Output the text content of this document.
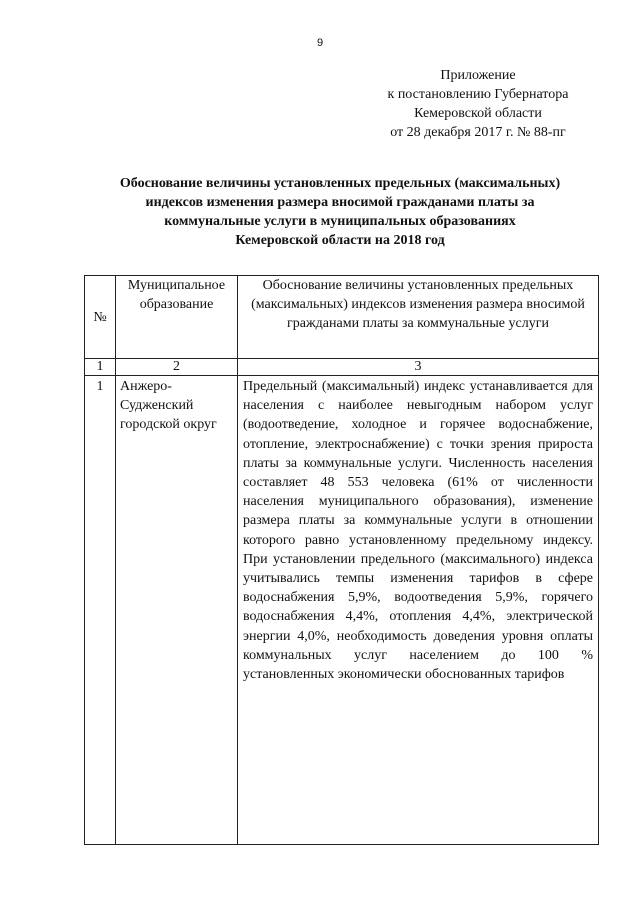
9
Приложение
к постановлению Губернатора
Кемеровской области
от 28 декабря 2017 г. № 88-пг
Обоснование величины установленных предельных (максимальных)
индексов изменения размера вносимой гражданами платы за
коммунальные услуги в муниципальных образованиях
Кемеровской области на 2018 год
№	Муниципальное образование	Обоснование величины установленных предельных (максимальных) индексов изменения размера вносимой гражданами платы за коммунальные услуги
1	2	3
1	Анжеро-Судженский городской округ	Предельный (максимальный) индекс устанавливается для населения с наиболее невыгодным набором услуг (водоотведение, холодное и горячее водоснабжение, отопление, электроснабжение) с точки зрения прироста платы за коммунальные услуги. Численность населения составляет 48 553 человека (61% от численности населения муниципального образования), изменение размера платы за коммунальные услуги в отношении которого равно установленному предельному индексу. При установлении предельного (максимального) индекса учитывались темпы изменения тарифов в сфере водоснабжения 5,9%, водоотведения 5,9%, горячего водоснабжения 4,4%, отопления 4,4%, электрической энергии 4,0%, необходимость доведения уровня оплаты коммунальных услуг населением до 100 % установленных экономически обоснованных тарифов
